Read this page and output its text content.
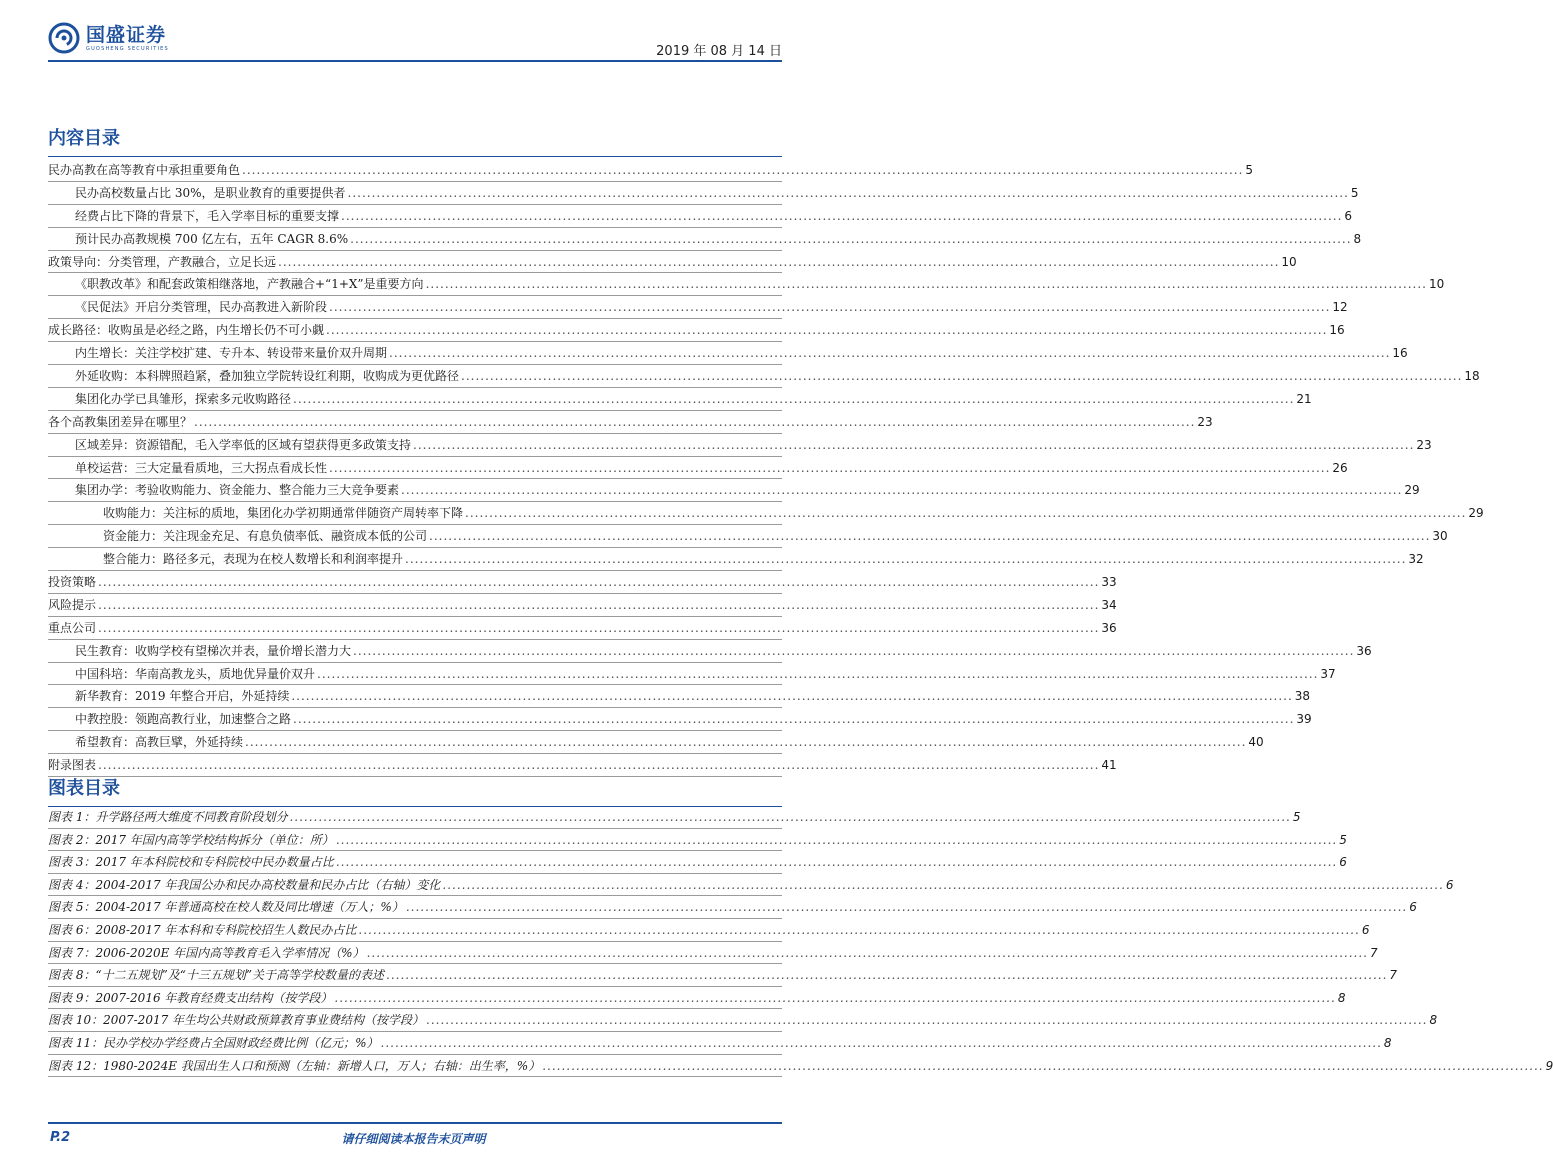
国盛证券
GUOSHENG SECURITIES	2019 年 08 月 14 日
内容目录
民办高教在高等教育中承担重要角色 .....	5
民办高校数量占比 30%，是职业教育的重要提供者 .....	5
经费占比下降的背景下，毛入学率目标的重要支撑 .....	6
预计民办高教规模 700 亿左右，五年 CAGR 8.6% .....	8
政策导向：分类管理，产教融合，立足长远 .....	10
《职教改革》和配套政策相继落地，产教融合+“1+X”是重要方向 .....	10
《民促法》开启分类管理，民办高教进入新阶段 .....	12
成长路径：收购虽是必经之路，内生增长仍不可小觑 .....	16
内生增长：关注学校扩建、专升本、转设带来量价双升周期 .....	16
外延收购：本科牌照趋紧，叠加独立学院转设红利期，收购成为更优路径 .....	18
集团化办学已具雏形，探索多元收购路径 .....	21
各个高教集团差异在哪里？ .....	23
区域差异：资源错配，毛入学率低的区域有望获得更多政策支持 .....	23
单校运营：三大定量看质地，三大拐点看成长性 .....	26
集团办学：考验收购能力、资金能力、整合能力三大竞争要素 .....	29
收购能力：关注标的质地，集团化办学初期通常伴随资产周转率下降 .....	29
资金能力：关注现金充足、有息负债率低、融资成本低的公司 .....	30
整合能力：路径多元，表现为在校人数增长和利润率提升 .....	32
投资策略 .....	33
风险提示 .....	34
重点公司 .....	36
民生教育：收购学校有望梯次并表，量价增长潜力大 .....	36
中国科培：华南高教龙头，质地优异量价双升 .....	37
新华教育：2019 年整合开启，外延持续 .....	38
中教控股：领跑高教行业，加速整合之路 .....	39
希望教育：高教巨擘，外延持续 .....	40
附录图表 .....	41
图表目录
图表 1：升学路径两大维度不同教育阶段划分 .....	5
图表 2：2017 年国内高等学校结构拆分（单位：所） .....	5
图表 3：2017 年本科院校和专科院校中民办数量占比 .....	6
图表 4：2004-2017 年我国公办和民办高校数量和民办占比（右轴）变化 .....	6
图表 5：2004-2017 年普通高校在校人数及同比增速（万人；%） .....	6
图表 6：2008-2017 年本科和专科院校招生人数民办占比 .....	6
图表 7：2006-2020E 年国内高等教育毛入学率情况（%） .....	7
图表 8：“十二五规划”及“十三五规划”关于高等学校数量的表述 .....	7
图表 9：2007-2016 年教育经费支出结构（按学段） .....	8
图表 10：2007-2017 年生均公共财政预算教育事业费结构（按学段） .....	8
图表 11：民办学校办学经费占全国财政经费比例（亿元；%） .....	8
图表 12：1980-2024E 我国出生人口和预测（左轴：新增人口，万人；右轴：出生率，%） .....	9
P.2	请仔细阅读本报告末页声明
